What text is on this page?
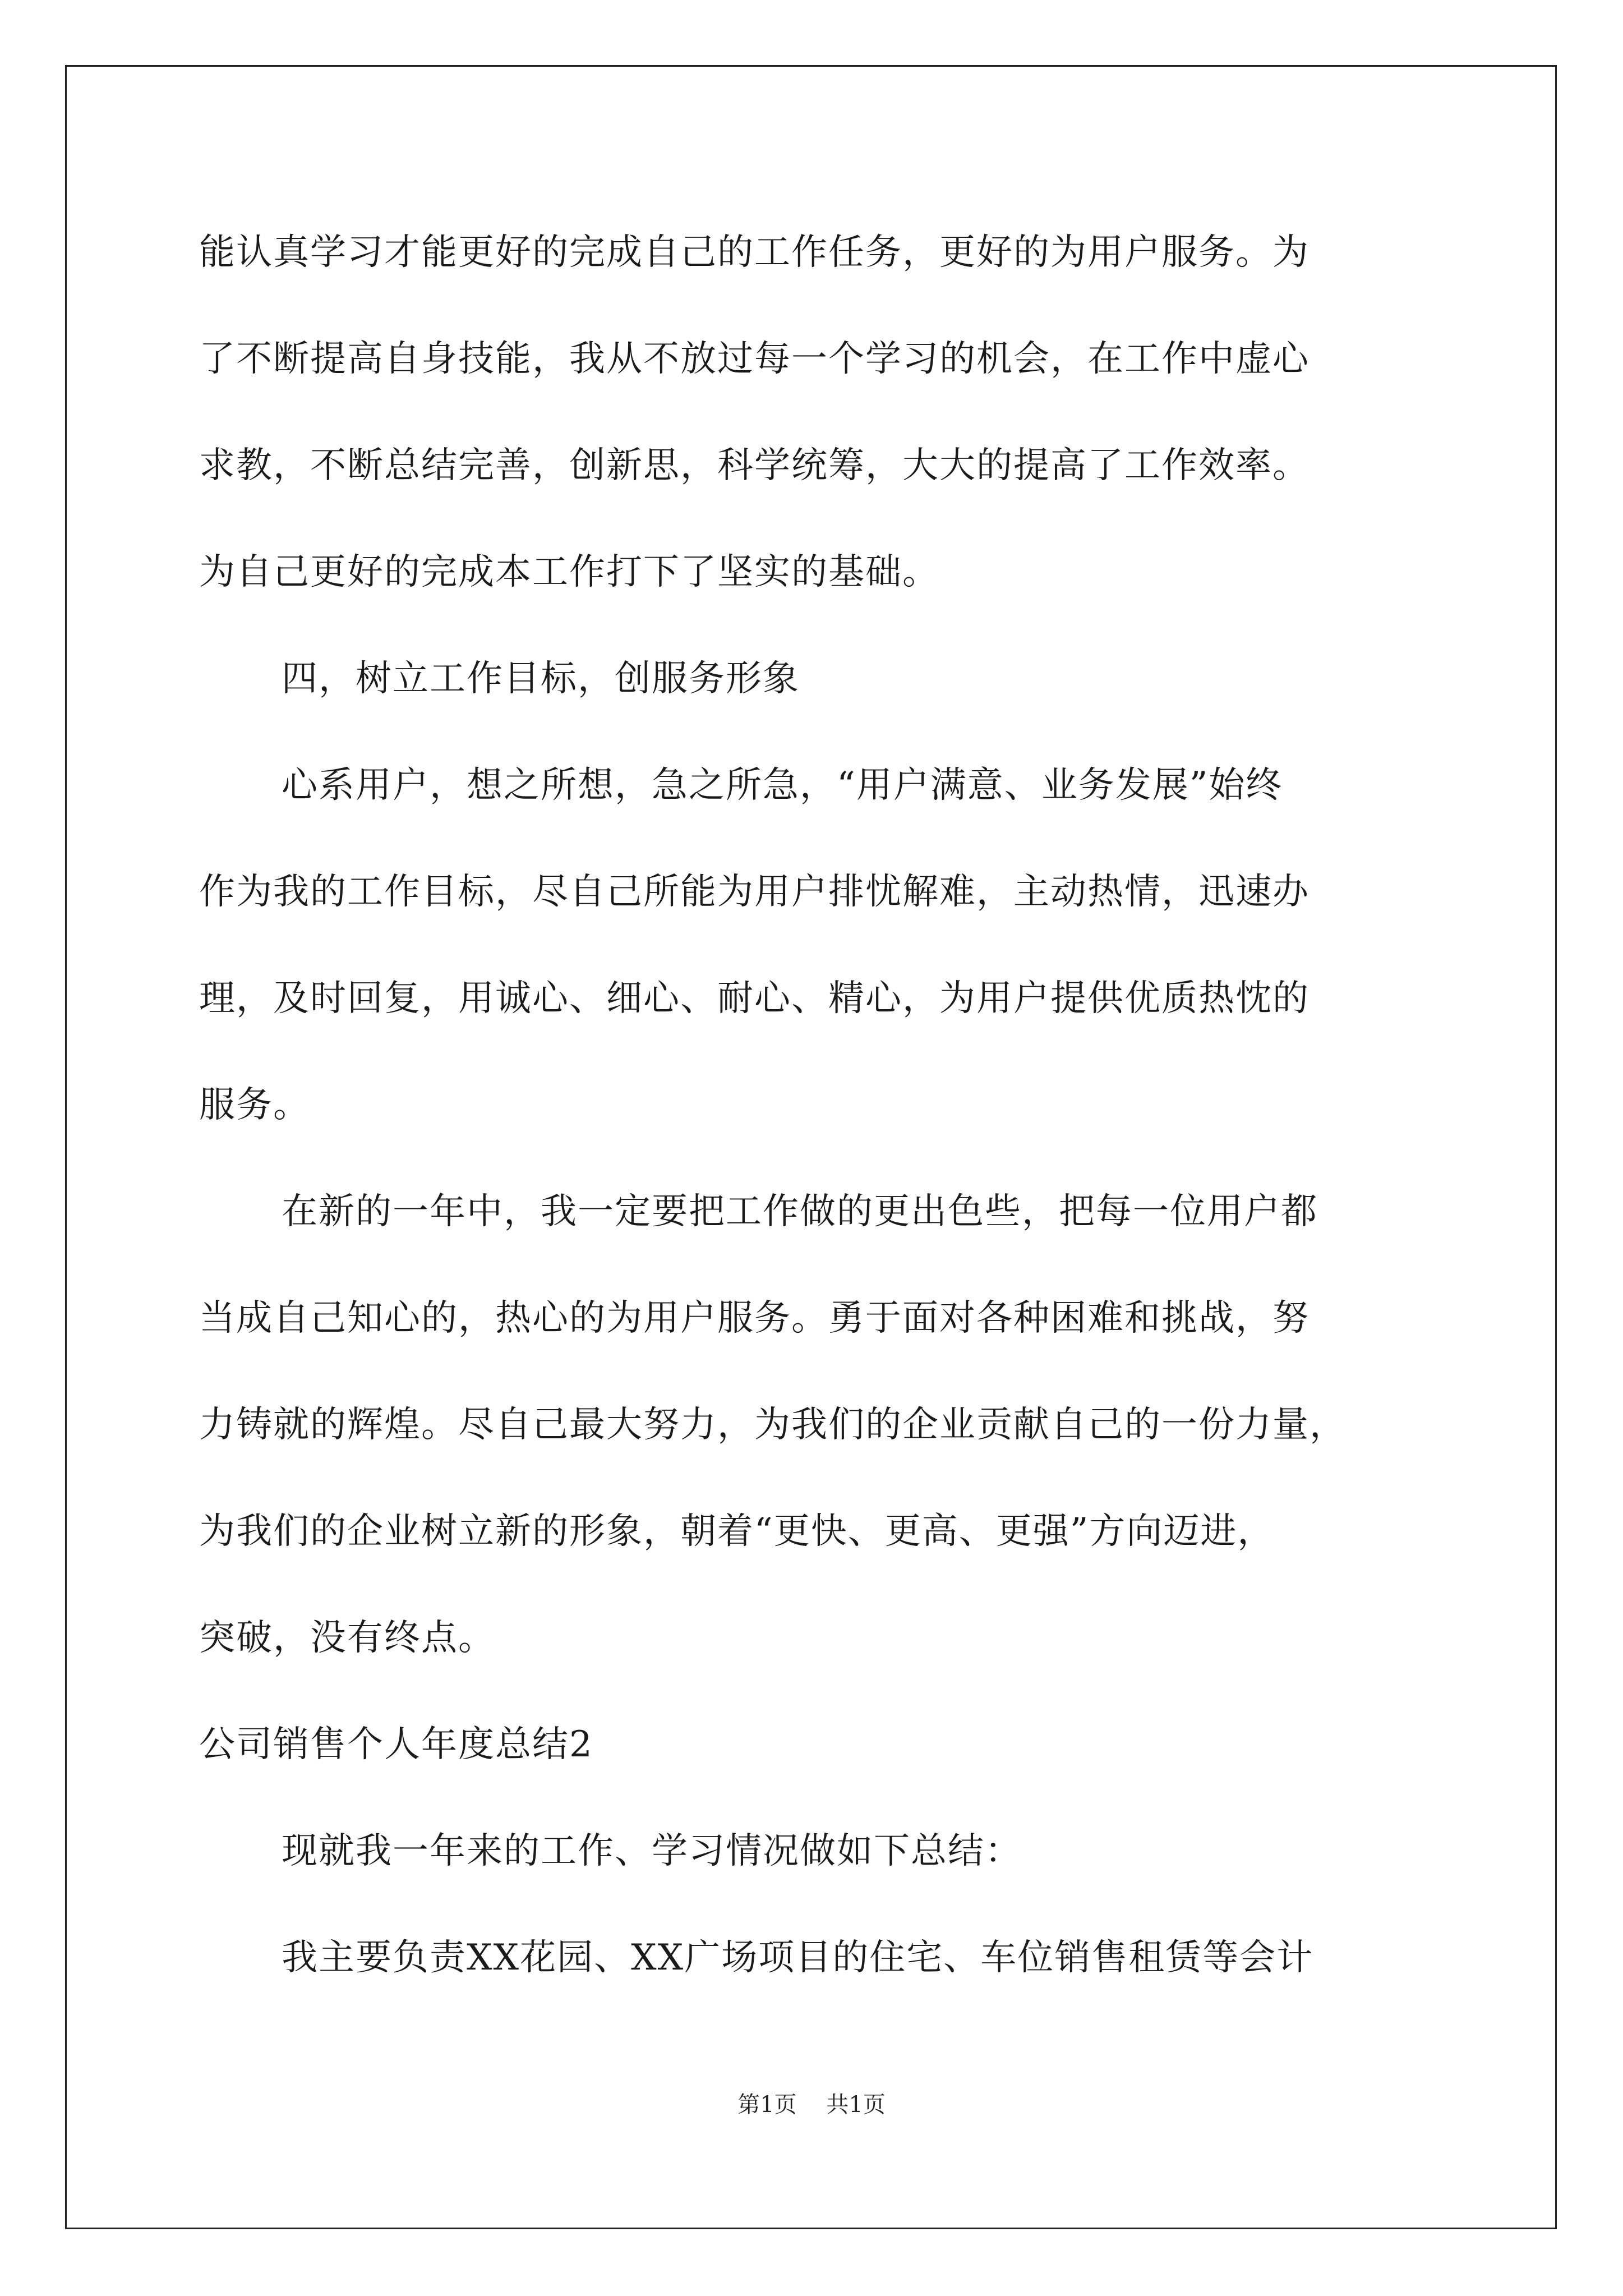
能认真学习才能更好的完成自己的工作任务，更好的为用户服务。为
了不断提高自身技能，我从不放过每一个学习的机会，在工作中虚心
求教，不断总结完善，创新思，科学统筹，大大的提高了工作效率。
为自己更好的完成本工作打下了坚实的基础。
四，树立工作目标，创服务形象
心系用户，想之所想，急之所急，“用户满意、业务发展”始终
作为我的工作目标，尽自己所能为用户排忧解难，主动热情，迅速办
理，及时回复，用诚心、细心、耐心、精心，为用户提供优质热忱的
服务。
在新的一年中，我一定要把工作做的更出色些，把每一位用户都
当成自己知心的，热心的为用户服务。勇于面对各种困难和挑战，努
力铸就的辉煌。尽自己最大努力，为我们的企业贡献自己的一份力量，
为我们的企业树立新的形象，朝着“更快、更高、更强”方向迈进，
突破，没有终点。
公司销售个人年度总结2
现就我一年来的工作、学习情况做如下总结：
我主要负责XX花园、XX广场项目的住宅、车位销售租赁等会计
第1页 共1页
